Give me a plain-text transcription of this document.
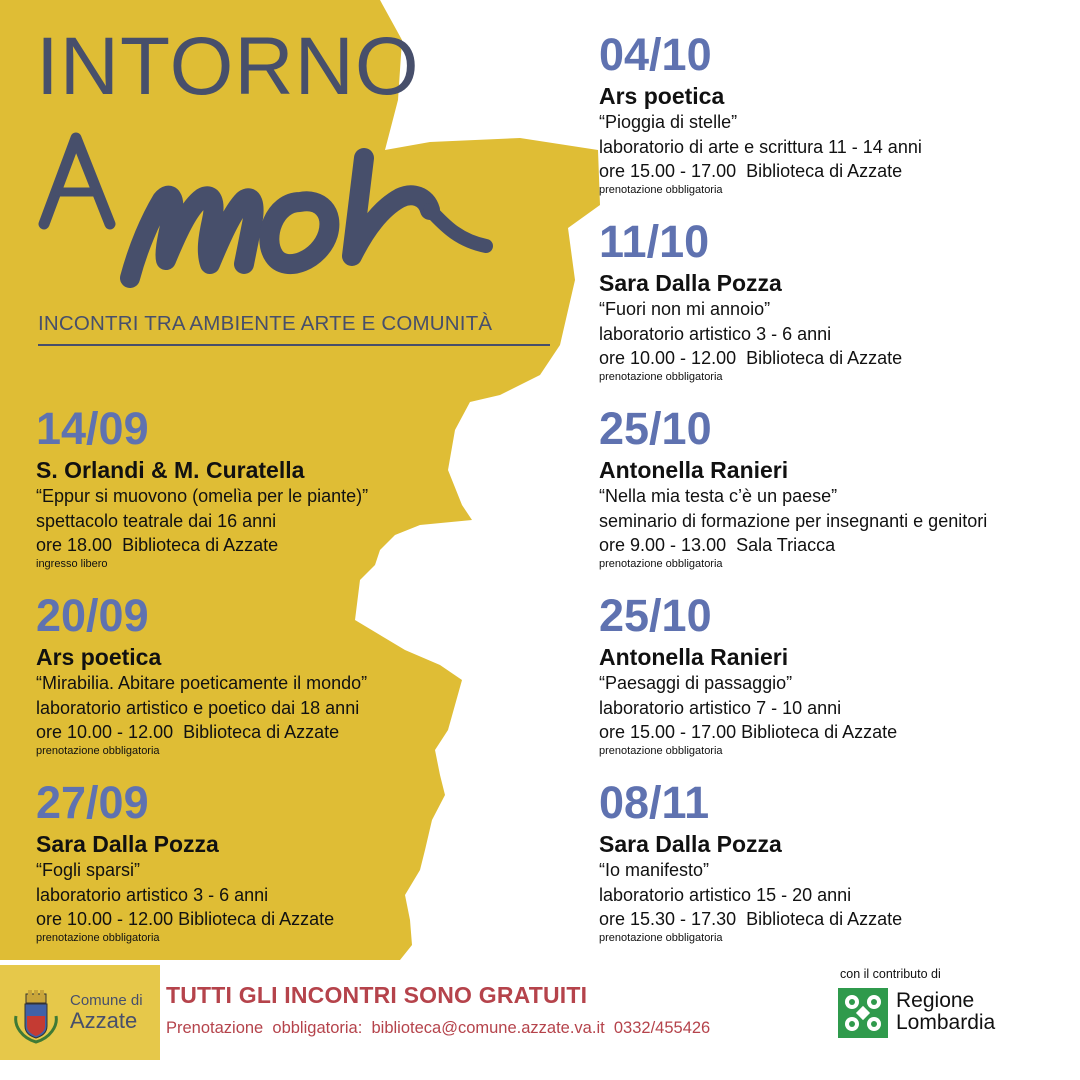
INTORNO
mo
INCONTRI TRA AMBIENTE ARTE E COMUNITÀ
14/09
S. Orlandi & M. Curatella
“Eppur si muovono (omelìa per le piante)”
spettacolo teatrale dai 16 anni
ore 18.00  Biblioteca di Azzate
ingresso libero
20/09
Ars poetica
“Mirabilia. Abitare poeticamente il mondo”
laboratorio artistico e poetico dai 18 anni
ore 10.00 - 12.00  Biblioteca di Azzate
prenotazione obbligatoria
27/09
Sara Dalla Pozza
“Fogli sparsi”
laboratorio artistico 3 - 6 anni
ore 10.00 - 12.00 Biblioteca di Azzate
prenotazione obbligatoria
04/10
Ars poetica
“Pioggia di stelle”
laboratorio di arte e scrittura 11 - 14 anni
ore 15.00 - 17.00  Biblioteca di Azzate
prenotazione obbligatoria
11/10
Sara Dalla Pozza
“Fuori non mi annoio”
laboratorio artistico 3 - 6 anni
ore 10.00 - 12.00  Biblioteca di Azzate
prenotazione obbligatoria
25/10
Antonella Ranieri
“Nella mia testa c’è un paese”
seminario di formazione per insegnanti e genitori
ore 9.00 - 13.00  Sala Triacca
prenotazione obbligatoria
25/10
Antonella Ranieri
“Paesaggi di passaggio”
laboratorio artistico 7 - 10 anni
ore 15.00 - 17.00 Biblioteca di Azzate
prenotazione obbligatoria
08/11
Sara Dalla Pozza
“Io manifesto”
laboratorio artistico 15 - 20 anni
ore 15.30 - 17.30  Biblioteca di Azzate
prenotazione obbligatoria
Comune di
Azzate
TUTTI GLI INCONTRI SONO GRATUITI
Prenotazione  obbligatoria: biblioteca@comune.azzate.va.it 0332/455426
con il contributo di
Regione
Lombardia
